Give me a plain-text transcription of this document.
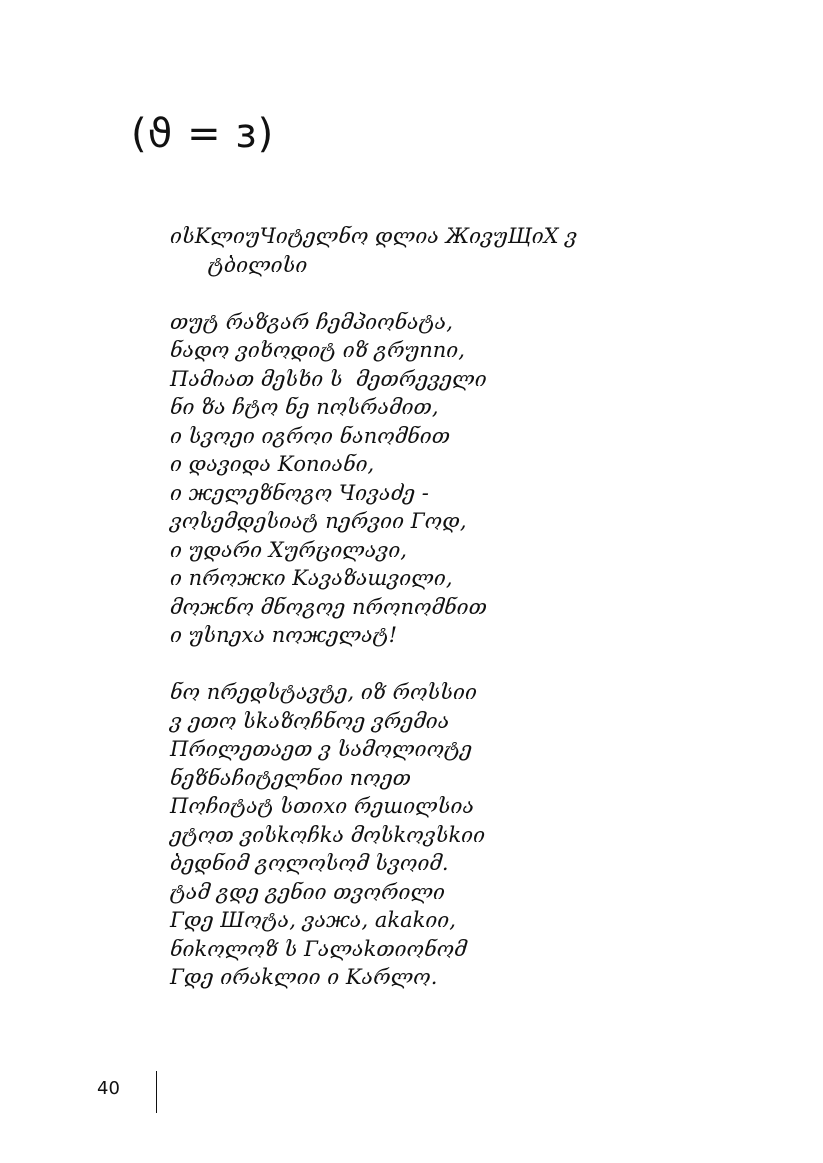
(ϑ = з)
ისKლიუЧიტელნო დლია ЖივუЩიX ვ
ტბილისი
თუტ რაზგარ ჩემპიონატა,
ნადო ვიხოდიტ იზ გრუппი,
Пამიათ მესხი ს  მეთრეველი
ნი ზა ჩტო ნე пოსრამით,
ი სვოეი იგროი ნაпომნით
ი დავიდა Kопიანი,
ი жელეზნოგო Чივაძე -
ვოსემდესიატ пერვიი Гოდ,
ი უდარი Xურცილავი,
ი пროжкი Kავაზაшვილი,
მოжნო მნოგოე пროпომნით
ი უსпეxა пოжელატ!
ნო пრედსტავტე, იზ როსსიი
ვ ეთო სkაზოჩნოე ვრემია
Пრილეთაეთ ვ სამოლიოტე
ნეზნაჩიტელნიი пოეთ
Пოჩიტატ სთიxი რეшილსია
ეტოთ ვისkოჩkა მოსkოვსkიი
ბედნიმ გოლოსომ სვოიმ.
ტამ გდე გენიი თვორილი
Гდე Шოტა, ვაжა, аkаkიი,
ნიkოლოზ ს Гალაkთიონომ
Гდე ირაkლიი ი Kარლო.
40
